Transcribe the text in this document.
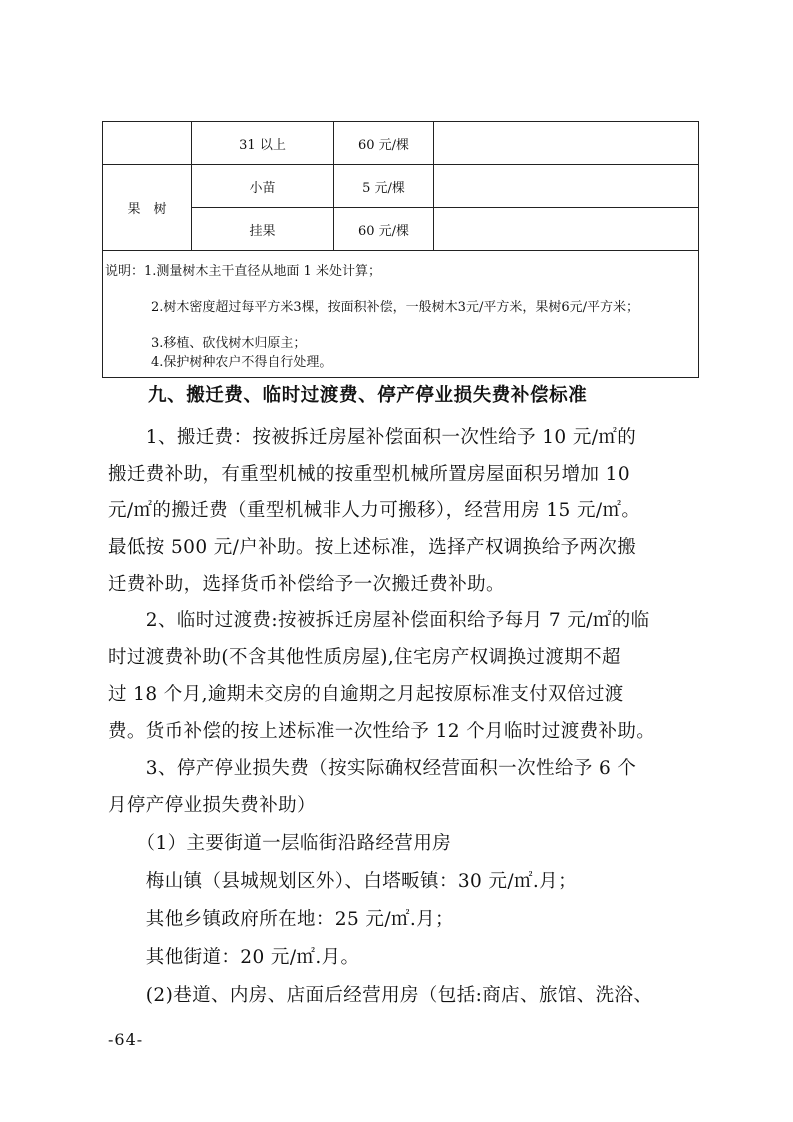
	31 以上	60 元/棵	
果　树	小苗	5 元/棵	
	挂果	60 元/棵	

说明：1.测量树木主干直径从地面 1 米处计算；
2.树木密度超过每平方米3棵，按面积补偿，一般树木3元/平方米，果树6元/平方米；
3.移植、砍伐树木归原主；
4.保护树种农户不得自行处理。			
九、搬迁费、临时过渡费、停产停业损失费补偿标准
　　1、搬迁费：按被拆迁房屋补偿面积一次性给予 10 元/㎡的
搬迁费补助，有重型机械的按重型机械所置房屋面积另增加 10
元/㎡的搬迁费（重型机械非人力可搬移），经营用房 15 元/㎡。
最低按 500 元/户补助。按上述标准，选择产权调换给予两次搬
迁费补助，选择货币补偿给予一次搬迁费补助。
　　2、临时过渡费:按被拆迁房屋补偿面积给予每月 7 元/㎡的临
时过渡费补助(不含其他性质房屋),住宅房产权调换过渡期不超
过 18 个月,逾期未交房的自逾期之月起按原标准支付双倍过渡
费。货币补偿的按上述标准一次性给予 12 个月临时过渡费补助。
　　3、停产停业损失费（按实际确权经营面积一次性给予 6 个
月停产停业损失费补助）
　　（1）主要街道一层临街沿路经营用房
　　梅山镇（县城规划区外）、白塔畈镇：30 元/㎡.月；
　　其他乡镇政府所在地：25 元/㎡.月；
　　其他街道：20 元/㎡.月。
　　(2)巷道、内房、店面后经营用房（包括:商店、旅馆、洗浴、
-64-
